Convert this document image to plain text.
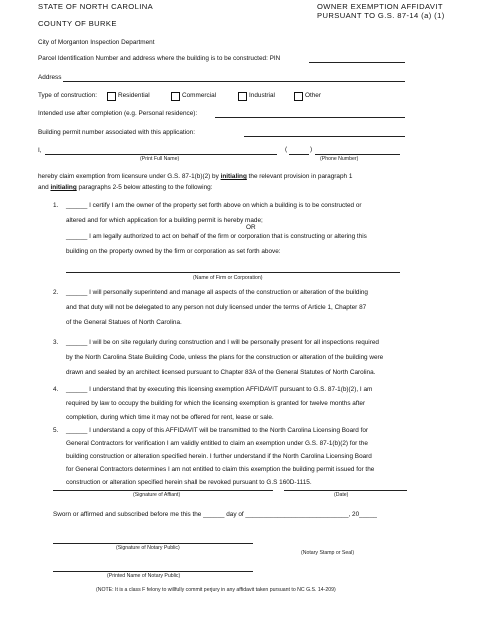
STATE OF NORTH CAROLINA
COUNTY OF BURKE
OWNER EXEMPTION AFFIDAVIT
PURSUANT TO G.S. 87-14 (a) (1)
City of Morganton Inspection Department
Parcel Identification Number and address where the building is to be constructed: PIN
Address
Type of construction:	Residential	Commercial	Industrial	Other
Intended use after completion (e.g. Personal residence):
Building permit number associated with this application:
I,	(	)
(Print Full Name)	(Phone Number)
hereby claim exemption from licensure under G.S. 87-1(b)(2) by initialing the relevant provision in paragraph 1
and initialing paragraphs 2-5 below attesting to the following:
1. ______ I certify I am the owner of the property set forth above on which a building is to be constructed or
altered and for which application for a building permit is hereby made;
OR
______ I am legally authorized to act on behalf of the firm or corporation that is constructing or altering this
building on the property owned by the firm or corporation as set forth above:
(Name of Firm or Corporation)
2. ______ I will personally superintend and manage all aspects of the construction or alteration of the building
and that duty will not be delegated to any person not duly licensed under the terms of Article 1, Chapter 87
of the General Statues of North Carolina.
3. ______ I will be on site regularly during construction and I will be personally present for all inspections required
by the North Carolina State Building Code, unless the plans for the construction or alteration of the building were
drawn and sealed by an architect licensed pursuant to Chapter 83A of the General Statutes of North Carolina.
4. ______ I understand that by executing this licensing exemption AFFIDAVIT pursuant to G.S. 87-1(b)(2), I am
required by law to occupy the building for which the licensing exemption is granted for twelve months after
completion, during which time it may not be offered for rent, lease or sale.
5. ______ I understand a copy of this AFFIDAVIT will be transmitted to the North Carolina Licensing Board for
General Contractors for verification I am validly entitled to claim an exemption under G.S. 87-1(b)(2) for the
building construction or alteration specified herein. I further understand if the North Carolina Licensing Board
for General Contractors determines I am not entitled to claim this exemption the building permit issued for the
construction or alteration specified herein shall be revoked pursuant to G.S 160D-1115.
(Signature of Affiant)	(Date)
Sworn or affirmed and subscribed before me this the ______ day of _____________________________, 20_____
(Signature of Notary Public)
(Notary Stamp or Seal)
(Printed Name of Notary Public)
(NOTE: It is a class F felony to willfully commit perjury in any affidavit taken pursuant to NC G.S. 14-209)
